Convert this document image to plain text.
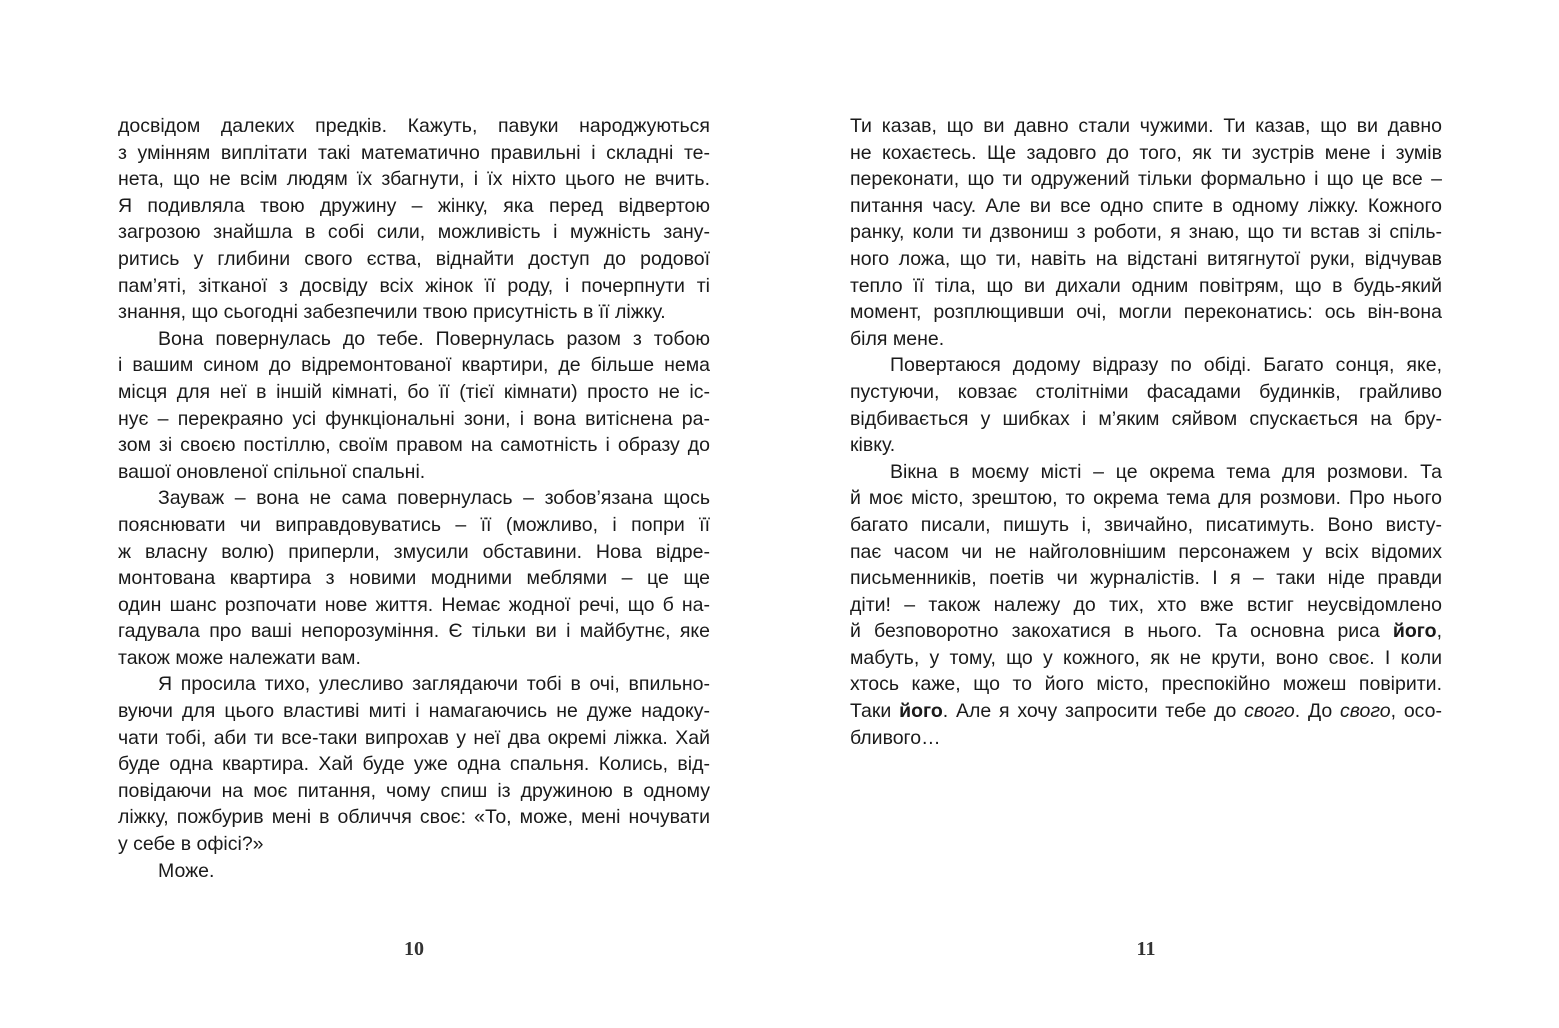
досвідом далеких предків. Кажуть, павуки народжуються
з умінням виплітати такі математично правильні і складні те-
нета, що не всім людям їх збагнути, і їх ніхто цього не вчить.
Я подивляла твою дружину – жінку, яка перед відвертою
загрозою знайшла в собі сили, можливість і мужність зану-
ритись у глибини свого єства, віднайти доступ до родової
пам’яті, зітканої з досвіду всіх жінок її роду, і почерпнути ті
знання, що сьогодні забезпечили твою присутність в її ліжку.
Вона повернулась до тебе. Повернулась разом з тобою
і вашим сином до відремонтованої квартири, де більше нема
місця для неї в іншій кімнаті, бо її (тієї кімнати) просто не іс-
нує – перекраяно усі функціональні зони, і вона витіснена ра-
зом зі своєю постіллю, своїм правом на самотність і образу до
вашої оновленої спільної спальні.
Зауваж – вона не сама повернулась – зобов’язана щось
пояснювати чи виправдовуватись – її (можливо, і попри її
ж власну волю) приперли, змусили обставини. Нова відре-
монтована квартира з новими модними меблями – це ще
один шанс розпочати нове життя. Немає жодної речі, що б на-
гадувала про ваші непорозуміння. Є тільки ви і майбутнє, яке
також може належати вам.
Я просила тихо, улесливо заглядаючи тобі в очі, впильно-
вуючи для цього властиві миті і намагаючись не дуже надоку-
чати тобі, аби ти все-таки випрохав у неї два окремі ліжка. Хай
буде одна квартира. Хай буде уже одна спальня. Колись, від-
повідаючи на моє питання, чому спиш із дружиною в одному
ліжку, пожбурив мені в обличчя своє: «То, може, мені ночувати
у себе в офісі?»
Може.
Ти казав, що ви давно стали чужими. Ти казав, що ви давно
не кохаєтесь. Ще задовго до того, як ти зустрів мене і зумів
переконати, що ти одружений тільки формально і що це все –
питання часу. Але ви все одно спите в одному ліжку. Кожного
ранку, коли ти дзвониш з роботи, я знаю, що ти встав зі спіль-
ного ложа, що ти, навіть на відстані витягнутої руки, відчував
тепло її тіла, що ви дихали одним повітрям, що в будь-який
момент, розплющивши очі, могли переконатись: ось він-вона
біля мене.
Повертаюся додому відразу по обіді. Багато сонця, яке,
пустуючи, ковзає столітніми фасадами будинків, грайливо
відбивається у шибках і м’яким сяйвом спускається на бру-
ківку.
Вікна в моєму місті – це окрема тема для розмови. Та
й моє місто, зрештою, то окрема тема для розмови. Про нього
багато писали, пишуть і, звичайно, писатимуть. Воно висту-
пає часом чи не найголовнішим персонажем у всіх відомих
письменників, поетів чи журналістів. І я – таки ніде правди
діти! – також належу до тих, хто вже встиг неусвідомлено
й безповоротно закохатися в нього. Та основна риса його,
мабуть, у тому, що у кожного, як не крути, воно своє. І коли
хтось каже, що то його місто, преспокійно можеш повірити.
Таки його. Але я хочу запросити тебе до свого. До свого, осо-
бливого…
10	11
